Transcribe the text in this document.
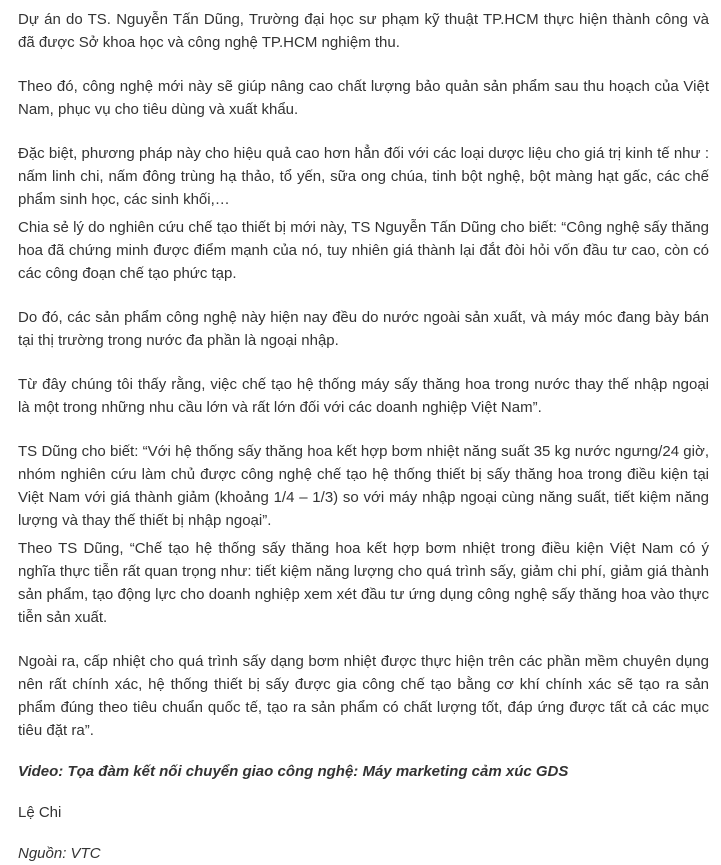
Dự án do TS. Nguyễn Tấn Dũng, Trường đại học sư phạm kỹ thuật TP.HCM thực hiện thành công và đã được Sở khoa học và công nghệ TP.HCM nghiệm thu.

Theo đó, công nghệ mới này sẽ giúp nâng cao chất lượng bảo quản sản phẩm sau thu hoạch của Việt Nam, phục vụ cho tiêu dùng và xuất khẩu.

Đặc biệt, phương pháp này cho hiệu quả cao hơn hẳn đối với các loại dược liệu cho giá trị kinh tế như : nấm linh chi, nấm đông trùng hạ thảo, tổ yến, sữa ong chúa, tinh bột nghệ, bột màng hạt gấc, các chế phẩm sinh học, các sinh khối,…

Chia sẻ lý do nghiên cứu chế tạo thiết bị mới này, TS Nguyễn Tấn Dũng cho biết: “Công nghệ sấy thăng hoa đã chứng minh được điểm mạnh của nó, tuy nhiên giá thành lại đắt đòi hỏi vốn đầu tư cao, còn có các công đoạn chế tạo phức tạp.

Do đó, các sản phẩm công nghệ này hiện nay đều do nước ngoài sản xuất, và máy móc đang bày bán tại thị trường trong nước đa phần là ngoại nhập.

Từ đây chúng tôi thấy rằng, việc chế tạo hệ thống máy sấy thăng hoa trong nước thay thế nhập ngoại là một trong những nhu cầu lớn và rất lớn đối với các doanh nghiệp Việt Nam”.

TS Dũng cho biết: “Với hệ thống sấy thăng hoa kết hợp bơm nhiệt năng suất 35 kg nước ngưng/24 giờ, nhóm nghiên cứu làm chủ được công nghệ chế tạo hệ thống thiết bị sấy thăng hoa trong điều kiện tại Việt Nam với giá thành giảm (khoảng 1/4 – 1/3) so với máy nhập ngoại cùng năng suất, tiết kiệm năng lượng và thay thế thiết bị nhập ngoại”.

Theo TS Dũng, “Chế tạo hệ thống sấy thăng hoa kết hợp bơm nhiệt trong điều kiện Việt Nam có ý nghĩa thực tiễn rất quan trọng như: tiết kiệm năng lượng cho quá trình sấy, giảm chi phí, giảm giá thành sản phẩm, tạo động lực cho doanh nghiệp xem xét đầu tư ứng dụng công nghệ sấy thăng hoa vào thực tiễn sản xuất.

Ngoài ra, cấp nhiệt cho quá trình sấy dạng bơm nhiệt được thực hiện trên các phần mềm chuyên dụng nên rất chính xác, hệ thống thiết bị sấy được gia công chế tạo bằng cơ khí chính xác sẽ tạo ra sản phẩm đúng theo tiêu chuẩn quốc tế, tạo ra sản phẩm có chất lượng tốt, đáp ứng được tất cả các mục tiêu đặt ra”.

Video: Tọa đàm kết nối chuyển giao công nghệ: Máy marketing cảm xúc GDS

Lệ Chi

Nguồn: VTC
